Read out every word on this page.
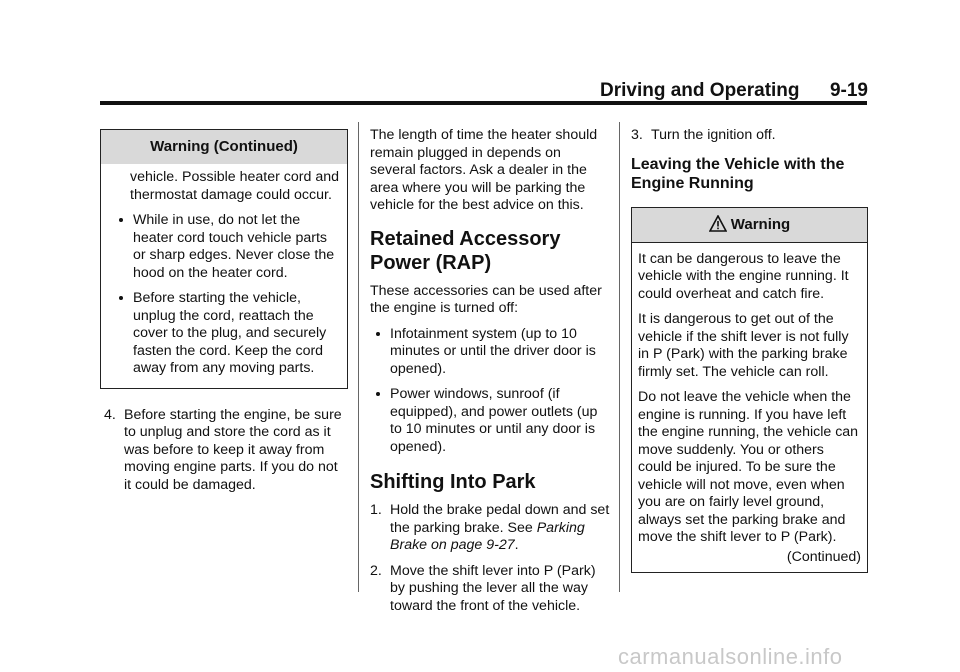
Driving and Operating 9-19
Warning (Continued)

vehicle. Possible heater cord and thermostat damage could occur.

While in use, do not let the heater cord touch vehicle parts or sharp edges. Never close the hood on the heater cord.

Before starting the vehicle, unplug the cord, reattach the cover to the plug, and securely fasten the cord. Keep the cord away from any moving parts.

4. Before starting the engine, be sure to unplug and store the cord as it was before to keep it away from moving engine parts. If you do not it could be damaged.

The length of time the heater should remain plugged in depends on several factors. Ask a dealer in the area where you will be parking the vehicle for the best advice on this.

Retained Accessory Power (RAP)

These accessories can be used after the engine is turned off:

Infotainment system (up to 10 minutes or until the driver door is opened).

Power windows, sunroof (if equipped), and power outlets (up to 10 minutes or until any door is opened).

Shifting Into Park
1. Hold the brake pedal down and set the parking brake. See Parking Brake on page 9-27.
2. Move the shift lever into P (Park) by pushing the lever all the way toward the front of the vehicle.
3. Turn the ignition off.
Leaving the Vehicle with the Engine Running
Warning

It can be dangerous to leave the vehicle with the engine running. It could overheat and catch fire.

It is dangerous to get out of the vehicle if the shift lever is not fully in P (Park) with the parking brake firmly set. The vehicle can roll.

Do not leave the vehicle when the engine is running. If you have left the engine running, the vehicle can move suddenly. You or others could be injured. To be sure the vehicle will not move, even when you are on fairly level ground, always set the parking brake and move the shift lever to P (Park).

(Continued)

carmanualsonline.info
